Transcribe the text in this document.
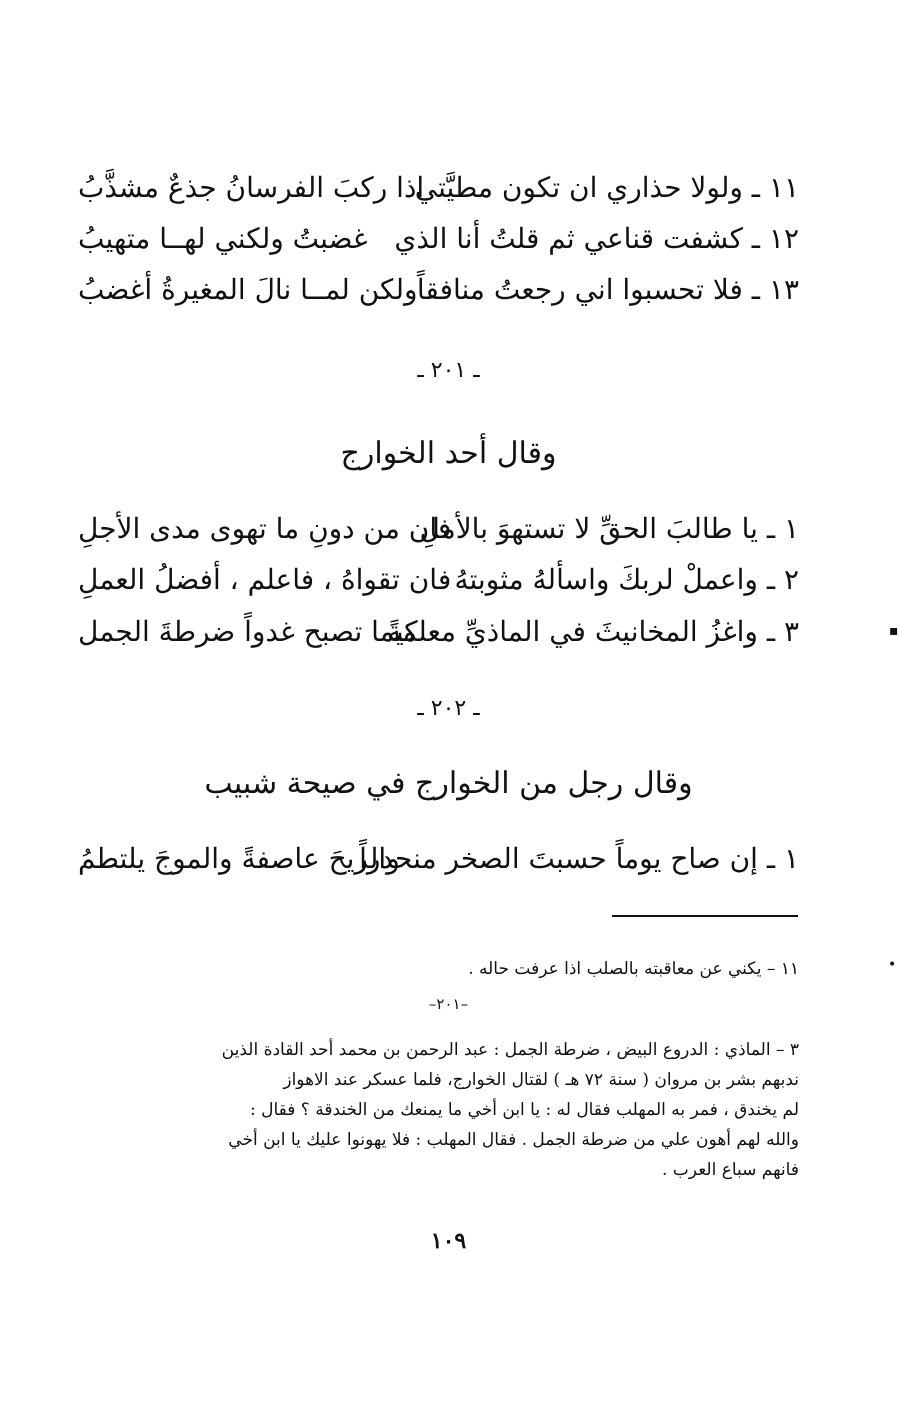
١١ ـ ولولا حذاري ان تكون مطيَّتي
اذا ركبَ الفرسانُ جذعٌ مشذَّبُ
١٢ ـ كشفت قناعي ثم قلتُ أنا الذي
غضبتُ ولكني لهــا متهيبُ
١٣ ـ فلا تحسبوا اني رجعتُ منافقاً
ولكن لمــا نالَ المغيرةُ أغضبُ
ـ ٢٠١ ـ
وقال أحد الخوارج
١ ـ يا طالبَ الحقِّ لا تستهوَ بالأملِ
فان من دونِ ما تهوى مدى الأجلِ
٢ ـ واعملْ لربكَ واسألهُ مثوبتهُ
فان تقواهُ ، فاعلم ، أفضلُ العملِ
٣ ـ واغزُ المخانيثَ في الماذيِّ معلمةً
كيما تصبح غدواً ضرطةَ الجمل
ـ ٢٠٢ ـ
وقال رجل من الخوارج في صيحة شبيب
١ ـ إن صاح يوماً حسبتَ الصخر منحدراً
والريحَ عاصفةً والموجَ يلتطمُ
١١ – يكني عن معاقبته بالصلب اذا عرفت حاله .
–٢٠١–
٣ – الماذي : الدروع البيض ، ضرطة الجمل : عبد الرحمن بن محمد أحد القادة الذين
ندبهم بشر بن مروان ( سنة ٧٢ هـ ) لقتال الخوارج، فلما عسكر عند الاهواز
لم يخندق ، فمر به المهلب فقال له : يا ابن أخي ما يمنعك من الخندقة ؟ فقال :
والله لهم أهون علي من ضرطة الجمل . فقال المهلب : فلا يهونوا عليك يا ابن أخي
فانهم سباع العرب .
١٠٩
▪
•
